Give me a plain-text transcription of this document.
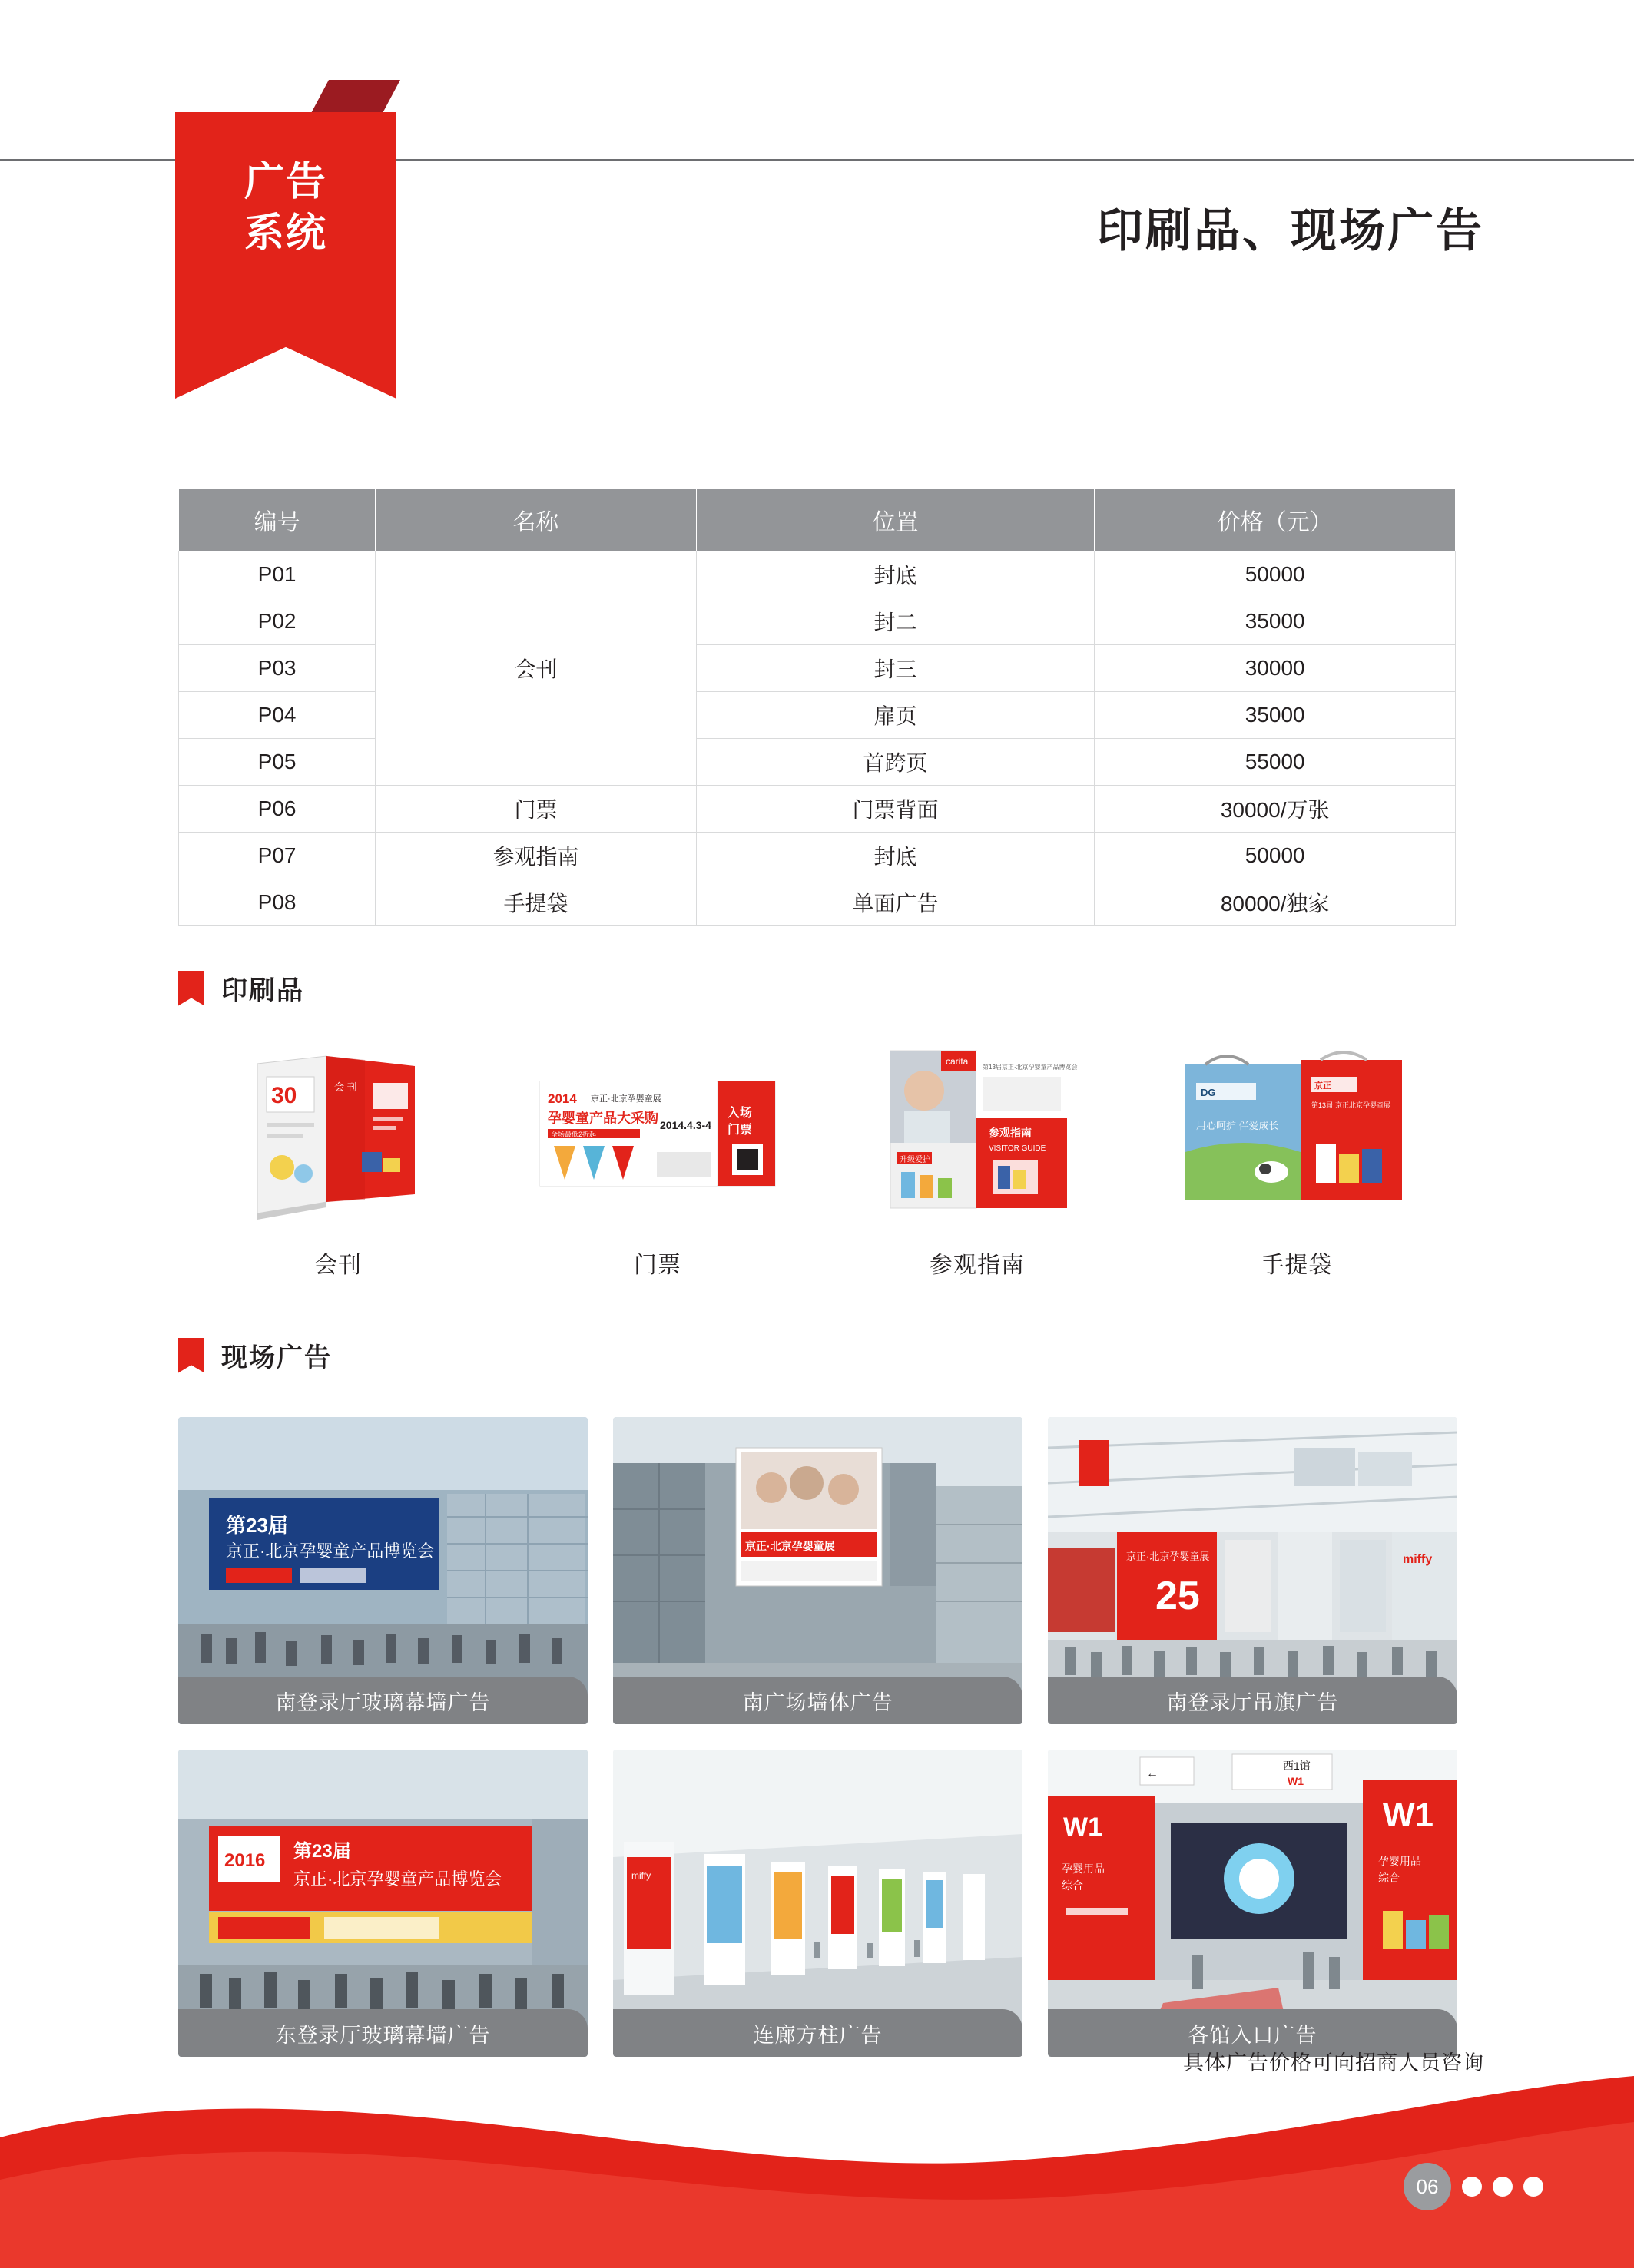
广告
系统	印刷品、现场广告
编号	名称	位置	价格（元）
P01	会刊	封底	50000
P02		封二	35000
P03		封三	30000
P04		扉页	35000
P05		首跨页	55000
P06	门票	门票背面	30000/万张
P07	参观指南	封底	50000
P08	手提袋	单面广告	80000/独家
印刷品
30	会 刊
会刊
2014 京正·北京孕婴童展
孕婴童产品大采购
全场最低2折起
2014.4.3-4
入场
门票
门票
carita
升级爱护
第13届京正·北京孕婴童产品博览会
参观指南
VISITOR GUIDE
参观指南
DG
用心呵护 伴爱成长
京正
第13届·京正北京孕婴童展
手提袋
现场广告
第23届
京正·北京孕婴童产品博览会
南登录厅玻璃幕墙广告
京正·北京孕婴童展
南广场墙体广告
京正·北京孕婴童展
25
miffy
南登录厅吊旗广告
2016 第23届
京正·北京孕婴童产品博览会
东登录厅玻璃幕墙广告
miffy
连廊方柱广告
西1馆
W1
←
W1
孕婴用品
综合
W1
孕婴用品
综合
各馆入口广告
具体广告价格可向招商人员咨询
06
